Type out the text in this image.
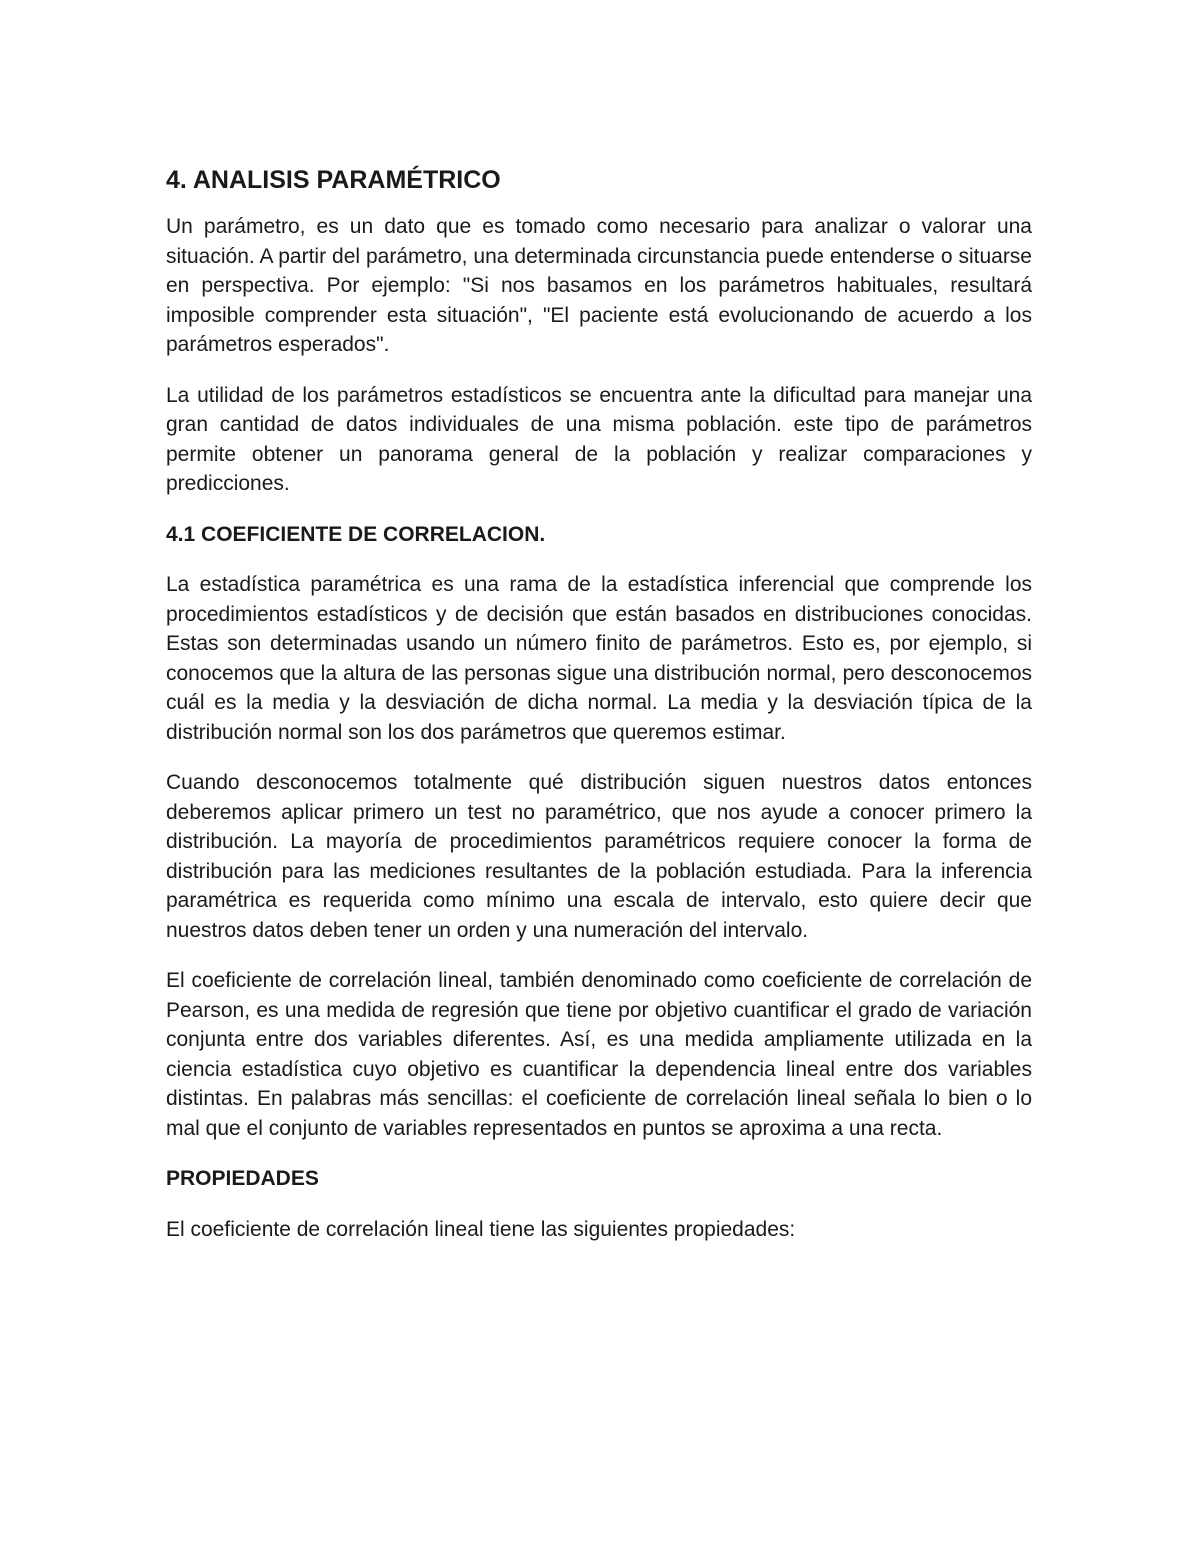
4. ANALISIS PARAMÉTRICO
Un parámetro, es un dato que es tomado como necesario para analizar o valorar una situación. A partir del parámetro, una determinada circunstancia puede entenderse o situarse en perspectiva. Por ejemplo: "Si nos basamos en los parámetros habituales, resultará imposible comprender esta situación", "El paciente está evolucionando de acuerdo a los parámetros esperados".
La utilidad de los parámetros estadísticos se encuentra ante la dificultad para manejar una gran cantidad de datos individuales de una misma población. este tipo de parámetros permite obtener un panorama general de la población y realizar comparaciones y predicciones.
4.1 COEFICIENTE DE CORRELACION.
La estadística paramétrica es una rama de la estadística inferencial que comprende los procedimientos estadísticos y de decisión que están basados en distribuciones conocidas. Estas son determinadas usando un número finito de parámetros. Esto es, por ejemplo, si conocemos que la altura de las personas sigue una distribución normal, pero desconocemos cuál es la media y la desviación de dicha normal. La media y la desviación típica de la distribución normal son los dos parámetros que queremos estimar.
Cuando desconocemos totalmente qué distribución siguen nuestros datos entonces deberemos aplicar primero un test no paramétrico, que nos ayude a conocer primero la distribución. La mayoría de procedimientos paramétricos requiere conocer la forma de distribución para las mediciones resultantes de la población estudiada. Para la inferencia paramétrica es requerida como mínimo una escala de intervalo, esto quiere decir que nuestros datos deben tener un orden y una numeración del intervalo.
El coeficiente de correlación lineal, también denominado como coeficiente de correlación de Pearson, es una medida de regresión que tiene por objetivo cuantificar el grado de variación conjunta entre dos variables diferentes. Así, es una medida ampliamente utilizada en la ciencia estadística cuyo objetivo es cuantificar la dependencia lineal entre dos variables distintas. En palabras más sencillas: el coeficiente de correlación lineal señala lo bien o lo mal que el conjunto de variables representados en puntos se aproxima a una recta.
PROPIEDADES
El coeficiente de correlación lineal tiene las siguientes propiedades:
